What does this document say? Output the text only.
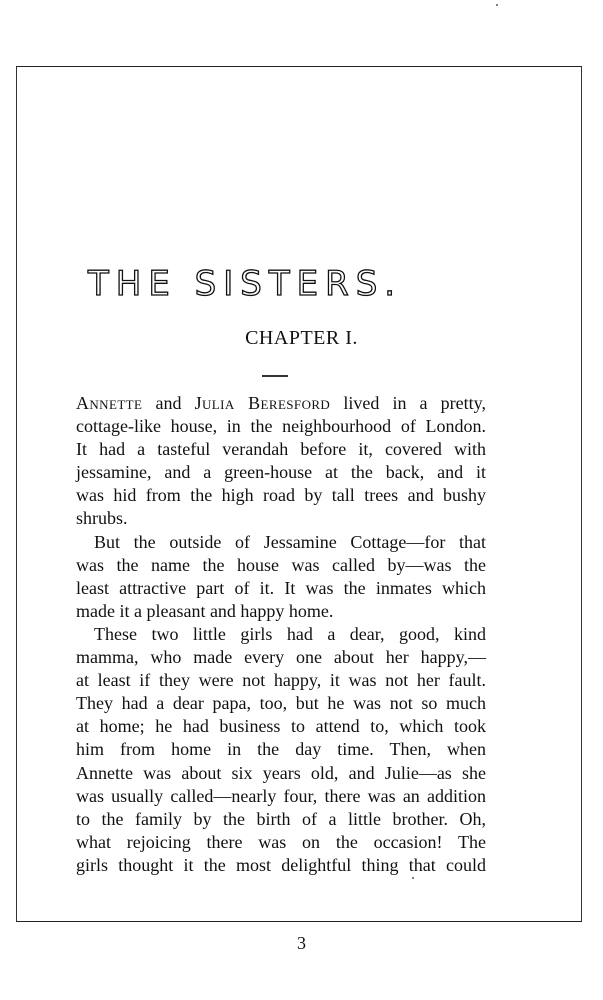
THE SISTERS.
CHAPTER I.
Annette and Julia Beresford lived in a pretty,
cottage-like house, in the neighbourhood of London.
It had a tasteful verandah before it, covered with
jessamine, and a green-house at the back, and it
was hid from the high road by tall trees and bushy
shrubs.
But the outside of Jessamine Cottage—for that
was the name the house was called by—was the
least attractive part of it. It was the inmates which
made it a pleasant and happy home.
These two little girls had a dear, good, kind
mamma, who made every one about her happy,—
at least if they were not happy, it was not her fault.
They had a dear papa, too, but he was not so much
at home; he had business to attend to, which took
him from home in the day time. Then, when
Annette was about six years old, and Julie—as she
was usually called—nearly four, there was an addition
to the family by the birth of a little brother. Oh,
what rejoicing there was on the occasion! The
girls thought it the most delightful thing that could
3
